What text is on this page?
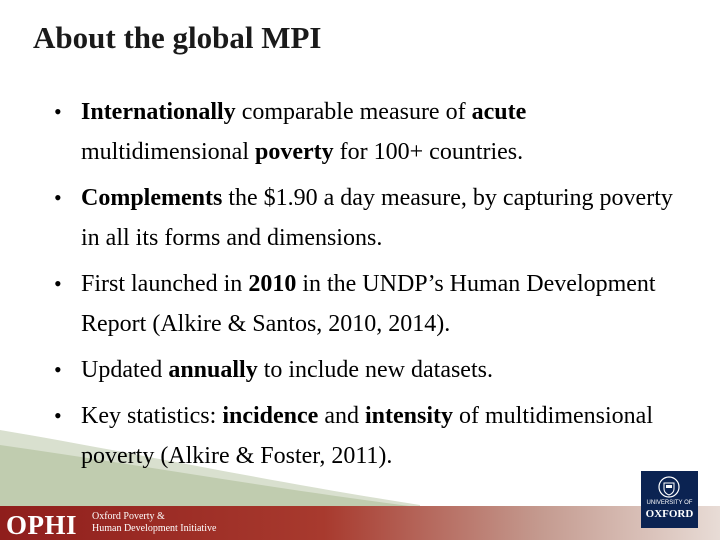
About the global MPI
• Internationally comparable measure of acute multidimensional poverty for 100+ countries.
• Complements the $1.90 a day measure, by capturing poverty in all its forms and dimensions.
• First launched in 2010 in the UNDP’s Human Development Report (Alkire & Santos, 2010, 2014).
• Updated annually to include new datasets.
• Key statistics: incidence and intensity of multidimensional poverty (Alkire & Foster, 2011).
OPHI Oxford Poverty &
Human Development Initiative
UNIVERSITY OF
OXFORD
